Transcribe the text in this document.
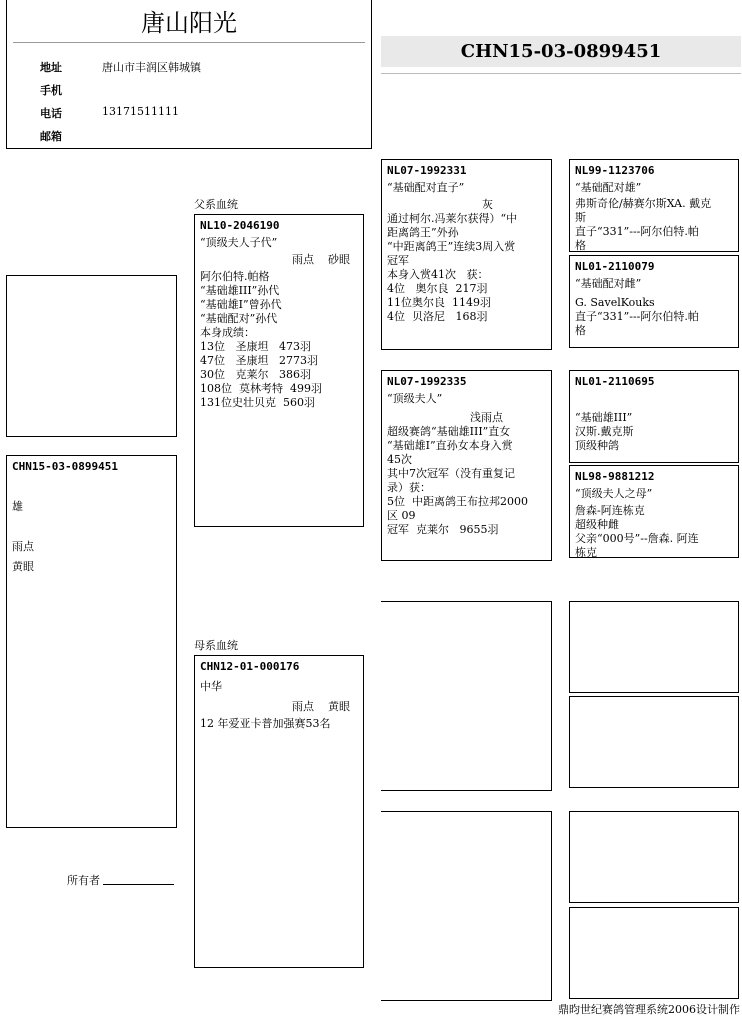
唐山阳光
地址	唐山市丰润区韩城镇
手机
电话	13171511111
邮箱
CHN15-03-0899451
CHN15-03-0899451
雄
雨点
黄眼
所有者
父系血统
母系血统
NL10-2046190
“顶级夫人子代”
雨点    砂眼
阿尔伯特.帕格
“基础雄III”孙代
“基础雄I”曾孙代
“基础配对”孙代
本身成绩：
13位   圣康坦   473羽
47位   圣康坦   2773羽
30位   克莱尔   386羽
108位  莫林考特  499羽
131位史壮贝克  560羽
CHN12-01-000176
中华
雨点    黄眼
12 年爱亚卡普加强赛53名
NL07-1992331
“基础配对直子”
灰
通过柯尔.冯莱尔获得）“中
距离鸽王”外孙
“中距离鸽王”连续3周入赏
冠军
本身入赏41次   获：
4位   奥尔良  217羽
11位奥尔良  1149羽
4位  贝洛尼   168羽
NL07-1992335
“顶级夫人”
浅雨点
超级赛鸽“基础雄III”直女
“基础雄I”直孙女本身入赏
45次
其中7次冠军（没有重复记
录）获：
5位  中距离鸽王布拉邦2000
区 09
冠军  克莱尔   9655羽
NL99-1123706
“基础配对雄”
弗斯奇伦/赫赛尔斯XA. 戴克
斯
直子“331”---阿尔伯特.帕
格
NL01-2110079
“基础配对雌”
G. SavelKouks
直子“331”---阿尔伯特.帕
格
NL01-2110695
“基础雄III”
汉斯.戴克斯
顶级种鸽
NL98-9881212
“顶级夫人之母”
詹森-阿连栋克
超级种雌
父亲“000号”--詹森. 阿连
栋克
鼎昀世纪赛鸽管理系统2006设计制作
